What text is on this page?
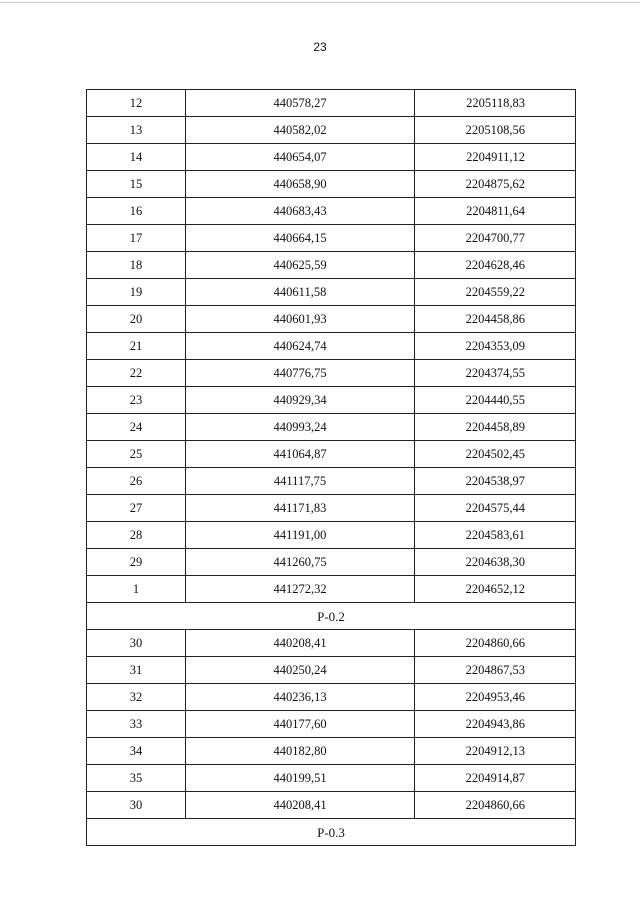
23
12	440578,27	2205118,83
13	440582,02	2205108,56
14	440654,07	2204911,12
15	440658,90	2204875,62
16	440683,43	2204811,64
17	440664,15	2204700,77
18	440625,59	2204628,46
19	440611,58	2204559,22
20	440601,93	2204458,86
21	440624,74	2204353,09
22	440776,75	2204374,55
23	440929,34	2204440,55
24	440993,24	2204458,89
25	441064,87	2204502,45
26	441117,75	2204538,97
27	441171,83	2204575,44
28	441191,00	2204583,61
29	441260,75	2204638,30
1	441272,32	2204652,12
Р-0.2		
30	440208,41	2204860,66
31	440250,24	2204867,53
32	440236,13	2204953,46
33	440177,60	2204943,86
34	440182,80	2204912,13
35	440199,51	2204914,87
30	440208,41	2204860,66
Р-0.3		
